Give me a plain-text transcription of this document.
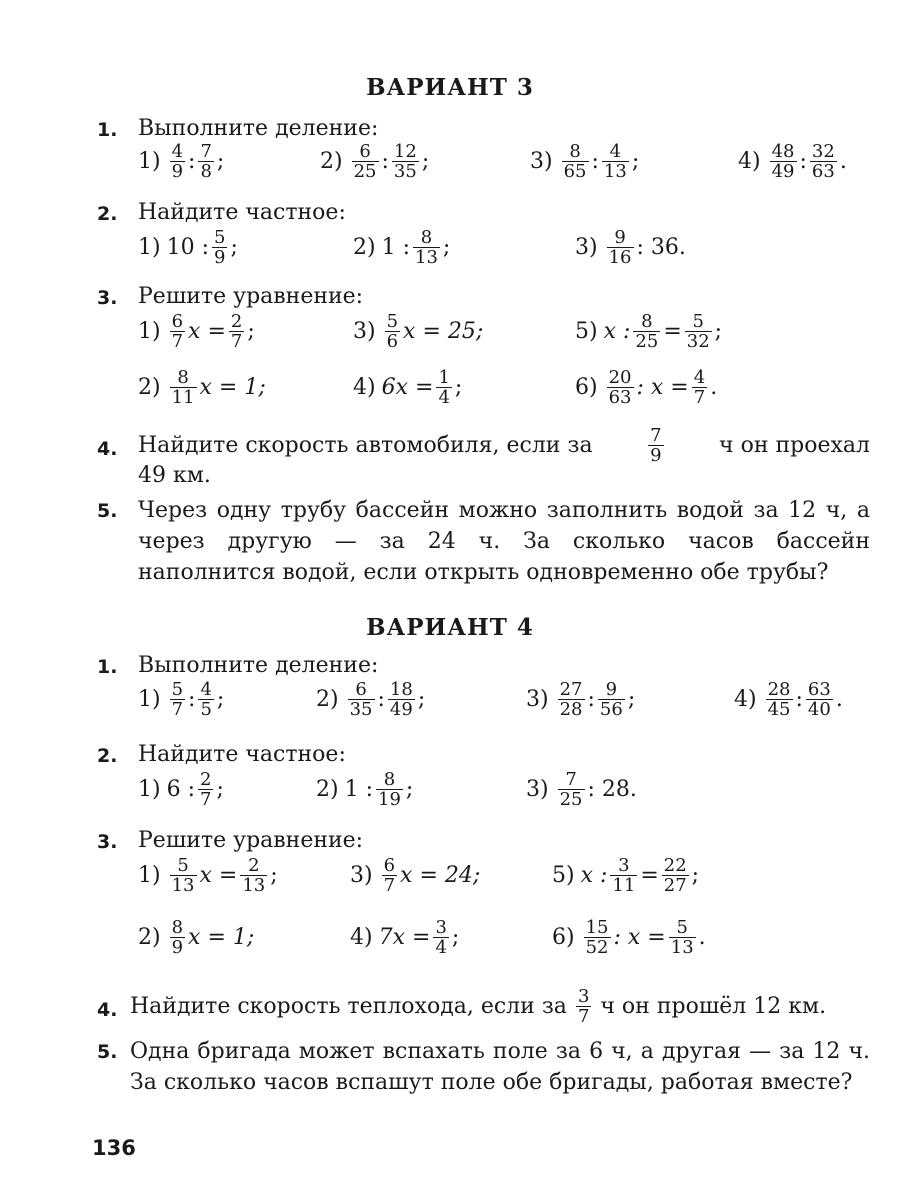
ВАРИАНТ 3
1. Выполните деление:
$1) \frac{4}{9}$ : $\frac{7}{8}$ ;	$2) \frac{6}{25}$ : $\frac{12}{35}$ ;	$3) \frac{8}{65}$ : $\frac{4}{13}$ ;	$4) \frac{48}{49}$ : $\frac{32}{63}$ .
2. Найдите частное:
1) 10 : $\frac{5}{9}$ ;	2) 1 : $\frac{8}{13}$ ;	$3) \frac{9}{16}$ : 36.
3. Решите уравнение:
$1) \frac{6}{7}$ $x = \frac{2}{7}$ ;	$3) \frac{5}{6}$ x = 25;	5) x : $\frac{8}{25} = \frac{5}{32}$ ;
$2) \frac{8}{11}$ x = 1;	4) $6x = \frac{1}{4}$ ;	$6) \frac{20}{63}$ : $x = \frac{4}{7}$ .
4. Найдите скорость автомобиля, если за	$\frac{7}{9}$	ч он проехал
49 км.
5. Через одну трубу бассейн можно заполнить водой за 12 ч, а через другую — за 24 ч. За сколько часов бассейн наполнится водой, если открыть одновременно обе трубы?
ВАРИАНТ 4
1. Выполните деление:
$1) \frac{5}{7}$ : $\frac{4}{5}$ ;	$2) \frac{6}{35}$ : $\frac{18}{49}$ ;	$3) \frac{27}{28}$ : $\frac{9}{56}$ ;	$4) \frac{28}{45}$ : $\frac{63}{40}$ .
2. Найдите частное:
1) 6 : $\frac{2}{7}$ ;	2) 1 : $\frac{8}{19}$ ;	$3) \frac{7}{25}$ : 28.
3. Решите уравнение:
$1) \frac{5}{13}$ $x = \frac{2}{13}$ ;	$3) \frac{6}{7}$ x = 24;	5) x : $\frac{3}{11} = \frac{22}{27}$ ;
$2) \frac{8}{9}$ x = 1;	4) $7x = \frac{3}{4}$ ;	$6) \frac{15}{52}$ : $x = \frac{5}{13}$ .
4. Найдите скорость теплохода, если за $\frac{3}{7}$ ч он прошёл 12 км.
5. Одна бригада может вспахать поле за 6 ч, а другая — за 12 ч. За сколько часов вспашут поле обе бригады, работая вместе?
136
